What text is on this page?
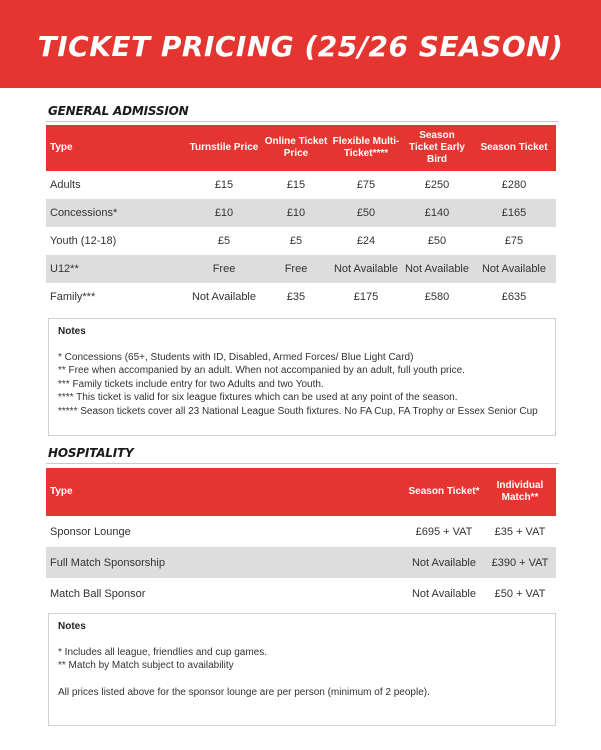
TICKET PRICING (25/26 SEASON)
GENERAL ADMISSION
Type	Turnstile Price	Online Ticket Price	Flexible Multi-Ticket****	Season Ticket Early Bird	Season Ticket
Adults	£15	£15	£75	£250	£280
Concessions*	£10	£10	£50	£140	£165
Youth (12-18)	£5	£5	£24	£50	£75
U12**	Free	Free	Not Available	Not Available	Not Available
Family***	Not Available	£35	£175	£580	£635
Notes

* Concessions (65+, Students with ID, Disabled, Armed Forces/ Blue Light Card)

** Free when accompanied by an adult. When not accompanied by an adult, full youth price.

*** Family tickets include entry for two Adults and two Youth.

**** This ticket is valid for six league fixtures which can be used at any point of the season.

***** Season tickets cover all 23 National League South fixtures. No FA Cup, FA Trophy or Essex Senior Cup

HOSPITALITY
Type	Season Ticket*	Individual Match**
Sponsor Lounge	£695 + VAT	£35 + VAT
Full Match Sponsorship	Not Available	£390 + VAT
Match Ball Sponsor	Not Available	£50 + VAT
Notes

* Includes all league, friendlies and cup games.

** Match by Match subject to availability

All prices listed above for the sponsor lounge are per person (minimum of 2 people).
